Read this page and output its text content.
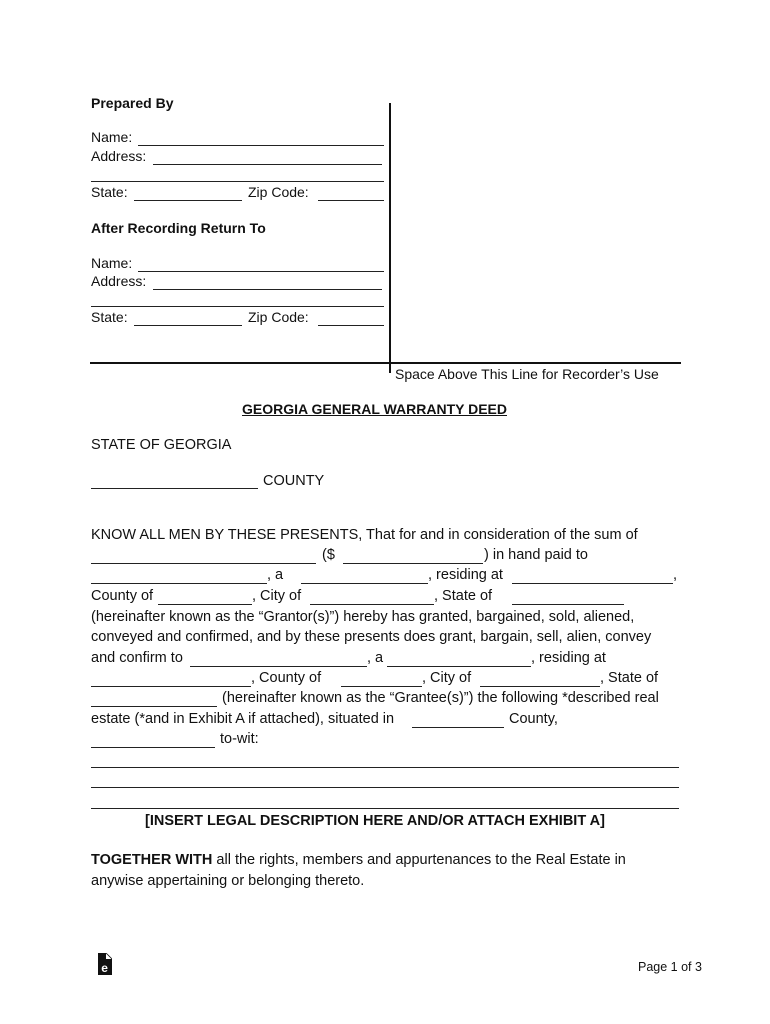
Prepared By
Name:
Address:
State:	Zip Code:
After Recording Return To
Name:
Address:
State:	Zip Code:
Space Above This Line for Recorder’s Use
GEORGIA GENERAL WARRANTY DEED
STATE OF GEORGIA
COUNTY
KNOW ALL MEN BY THESE PRESENTS, That for and in consideration of the sum of
($	) in hand paid to
, a	, residing at	,
County of	, City of	, State of
(hereinafter known as the “Grantor(s)”) hereby has granted, bargained, sold, aliened,
conveyed and confirmed, and by these presents does grant, bargain, sell, alien, convey
and confirm to	, a	, residing at
, County of	, City of	, State of
(hereinafter known as the “Grantee(s)”) the following *described real
estate (*and in Exhibit A if attached), situated in	County,
to-wit:
[INSERT LEGAL DESCRIPTION HERE AND/OR ATTACH EXHIBIT A]
TOGETHER WITH all the rights, members and appurtenances to the Real Estate in
anywise appertaining or belonging thereto.
e	Page 1 of 3
